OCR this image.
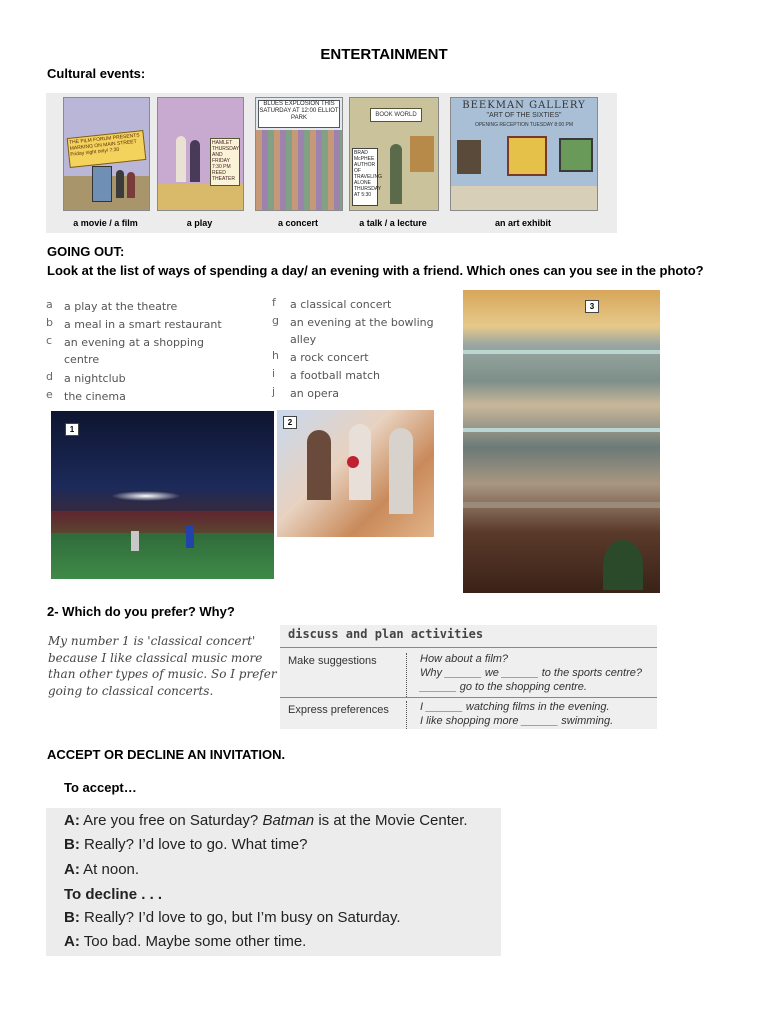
ENTERTAINMENT
Cultural events:
THE FILM FORUM PRESENTS MARKING ON MAIN STREET Friday night only! 7:30
HAMLET THURSDAY AND FRIDAY 7:30 PM REED THEATER
BLUES EXPLOSION THIS SATURDAY AT 12:00 ELLIOT PARK	BOOK WORLD
BRAD McPHEE AUTHOR OF TRAVELING ALONE THURSDAY AT 5:30
BEEKMAN GALLERY
"ART OF THE SIXTIES"
OPENING RECEPTION TUESDAY 8:00 PM
a movie / a film	a play	a concert	a talk / a lecture	an art exhibit
GOING OUT:
Look at the list of ways of spending a day/ an evening with a friend. Which ones can you see in the photo?
a	a play at the theatre
b	a meal in a smart restaurant
c	an evening at a shopping centre
d	a nightclub
e	the cinema
f	a classical concert
g	an evening at the bowling alley
h	a rock concert
i	a football match
j	an opera
1
2
3
2- Which do you prefer? Why?
My number 1 is 'classical concert'
because I like classical music more
than other types of music. So I prefer
going to classical concerts.
discuss and plan activities
Make suggestions	How about a film?
Why ______ we ______ to the sports centre?
______ go to the shopping centre.
Express preferences	I ______ watching films in the evening.
I like shopping more ______ swimming.
ACCEPT OR DECLINE AN INVITATION.
To accept…
A: Are you free on Saturday? Batman is at the Movie Center.
B: Really? I’d love to go. What time?
A: At noon.
To decline . . .
B: Really? I’d love to go, but I’m busy on Saturday.
A: Too bad. Maybe some other time.
